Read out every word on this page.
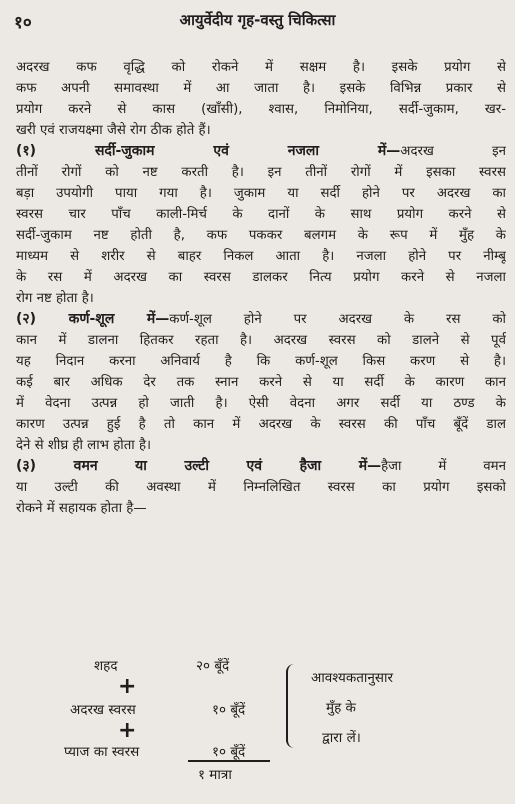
१०	आयुर्वेदीय गृह-वस्तु चिकित्सा
अदरख कफ वृद्धि को रोकने में सक्षम है। इसके प्रयोग से
कफ अपनी समावस्था में आ जाता है। इसके विभिन्न प्रकार से
प्रयोग करने से कास (खाँसी), श्वास, निमोनिया, सर्दी-जुकाम, खर-
खरी एवं राजयक्ष्मा जैसे रोग ठीक होते हैं।
(१) सर्दी-जुकाम एवं नजला में—अदरख इन
तीनों रोगों को नष्ट करती है। इन तीनों रोगों में इसका स्वरस
बड़ा उपयोगी पाया गया है। जुकाम या सर्दी होने पर अदरख का
स्वरस चार पाँच काली-मिर्च के दानों के साथ प्रयोग करने से
सर्दी-जुकाम नष्ट होती है, कफ पककर बलगम के रूप में मुँह के
माध्यम से शरीर से बाहर निकल आता है। नजला होने पर नीम्बू
के रस में अदरख का स्वरस डालकर नित्य प्रयोग करने से नजला
रोग नष्ट होता है।
(२) कर्ण-शूल में—कर्ण-शूल होने पर अदरख के रस को
कान में डालना हितकर रहता है। अदरख स्वरस को डालने से पूर्व
यह निदान करना अनिवार्य है कि कर्ण-शूल किस करण से है।
कई बार अधिक देर तक स्नान करने से या सर्दी के कारण कान
में वेदना उत्पन्न हो जाती है। ऐसी वेदना अगर सर्दी या ठण्ड के
कारण उत्पन्न हुई है तो कान में अदरख के स्वरस की पाँच बूँदें डाल
देने से शीघ्र ही लाभ होता है।
(३) वमन या उल्टी एवं हैजा में—हैजा में वमन
या उल्टी की अवस्था में निम्नलिखित स्वरस का प्रयोग इसको
रोकने में सहायक होता है—
शहद	२० बूँदें
+
अदरख स्वरस	१० बूँदें
+
प्याज का स्वरस	१० बूँदें
आवश्यकतानुसार
मुँह के
द्वारा लें।
१ मात्रा
